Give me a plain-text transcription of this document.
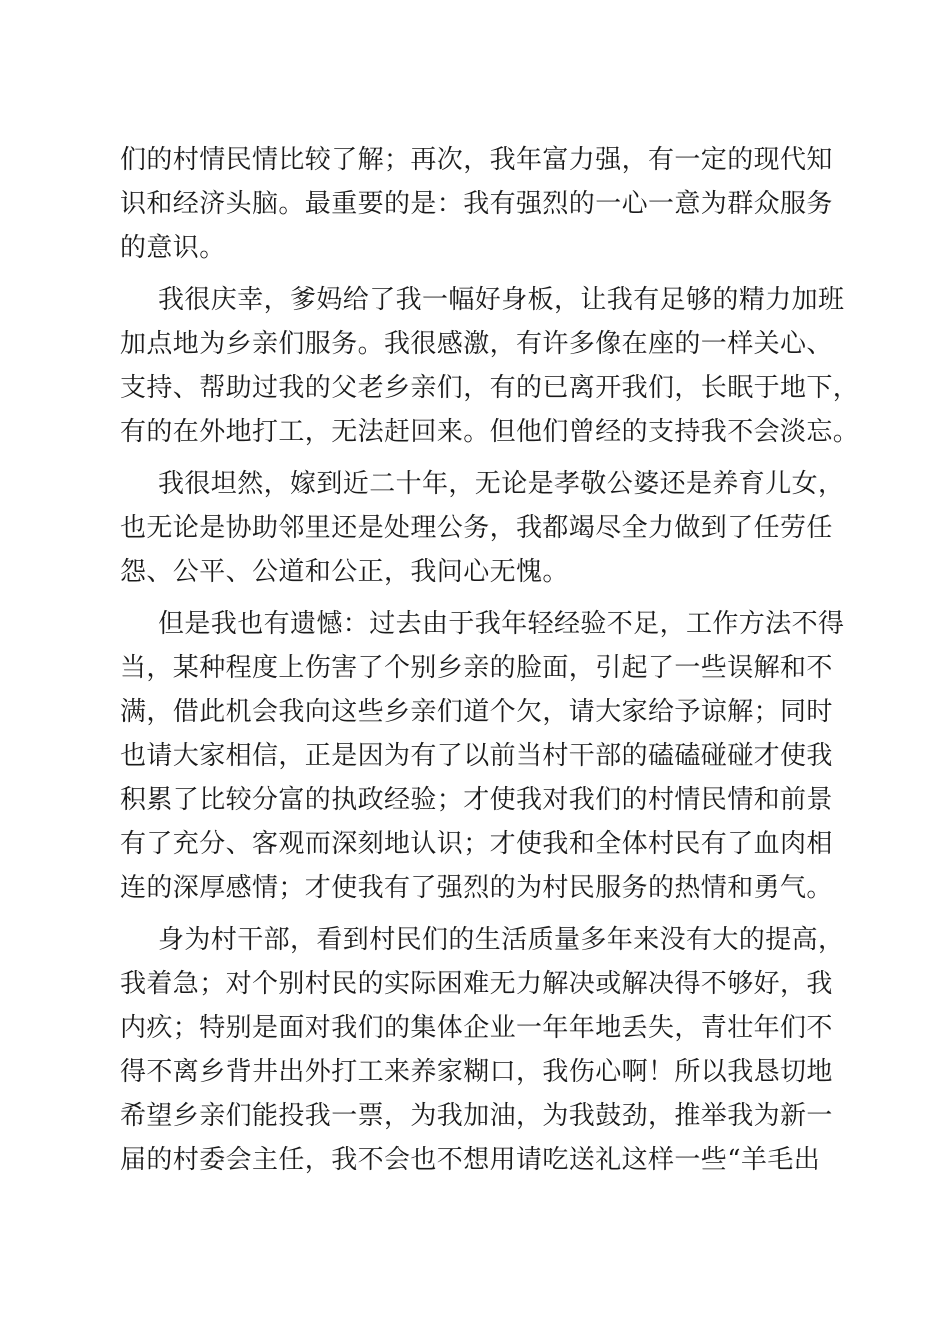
们的村情民情比较了解；再次，我年富力强，有一定的现代知
识和经济头脑。最重要的是：我有强烈的一心一意为群众服务
的意识。
我很庆幸，爹妈给了我一幅好身板，让我有足够的精力加班
加点地为乡亲们服务。我很感激，有许多像在座的一样关心、
支持、帮助过我的父老乡亲们，有的已离开我们，长眠于地下，
有的在外地打工，无法赶回来。但他们曾经的支持我不会淡忘。
我很坦然，嫁到近二十年，无论是孝敬公婆还是养育儿女，
也无论是协助邻里还是处理公务，我都竭尽全力做到了任劳任
怨、公平、公道和公正，我问心无愧。
但是我也有遗憾：过去由于我年轻经验不足，工作方法不得
当，某种程度上伤害了个别乡亲的脸面，引起了一些误解和不
满，借此机会我向这些乡亲们道个欠，请大家给予谅解；同时
也请大家相信，正是因为有了以前当村干部的磕磕碰碰才使我
积累了比较分富的执政经验；才使我对我们的村情民情和前景
有了充分、客观而深刻地认识；才使我和全体村民有了血肉相
连的深厚感情；才使我有了强烈的为村民服务的热情和勇气。
身为村干部，看到村民们的生活质量多年来没有大的提高，
我着急；对个别村民的实际困难无力解决或解决得不够好，我
内疚；特别是面对我们的集体企业一年年地丢失，青壮年们不
得不离乡背井出外打工来养家糊口，我伤心啊！所以我恳切地
希望乡亲们能投我一票，为我加油，为我鼓劲，推举我为新一
届的村委会主任，我不会也不想用请吃送礼这样一些“羊毛出
